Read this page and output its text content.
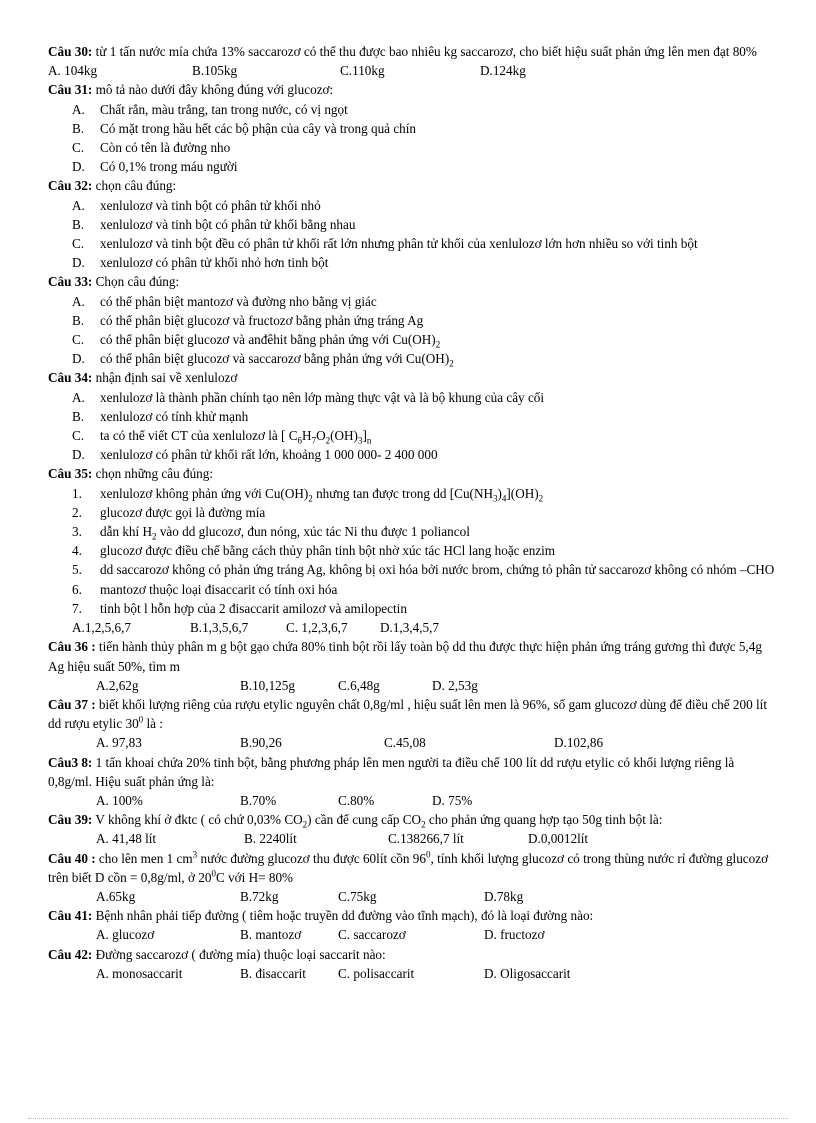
Câu 30: từ 1 tấn nước mía chứa 13% saccarozơ có thể thu được bao nhiêu kg saccarozơ, cho biết hiệu suất phản ứng lên men đạt 80%
A. 104kg	B.105kg	C.110kg	D.124kg
Câu 31: mô tả nào dưới đây không đúng với glucozơ:
A. Chất rắn, màu trắng, tan trong nước, có vị ngọt
B. Có mặt trong hầu hết các bộ phận của cây và trong quả chín
C. Còn có tên là đường nho
D. Có 0,1% trong máu người
Câu 32: chọn câu đúng:
A. xenlulozơ và tinh bột có phân tử khối nhỏ
B. xenlulozơ và tinh bột có phân tử khối bằng nhau
C. xenlulozơ và tinh bột đều có phân tử khối rất lớn nhưng phân tử khối của xenlulozơ lớn hơn nhiều so với tinh bột
D. xenlulozơ có phân tử khối nhỏ hơn tinh bột
Câu 33: Chọn câu đúng:
A. có thể phân biệt mantozơ và đường nho bằng vị giác
B. có thể phân biệt glucozơ và fructozơ bằng phản ứng tráng Ag
C. có thể phân biệt glucozơ và anđêhit bằng phản ứng với $Cu(OH)_2$
D. có thể phân biệt glucozơ và saccarozơ bằng phản ứng với $Cu(OH)_2$
Câu 34: nhận định sai về xenlulozơ
A. xenlulozơ là thành phần chính tạo nên lớp màng thực vật và là bộ khung của cây cối
B. xenlulozơ có tính khử mạnh
C. ta có thể viết CT của xenlulozơ là [ $C_6H_7O_2(OH)_3]_n$
D. xenlulozơ có phân tử khối rất lớn, khoảng 1 000 000- 2 400 000
Câu 35: chọn những câu đúng:
1. xenlulozơ không phản ứng với $Cu(OH)_2$ nhưng tan được trong dd $[Cu(NH_3)_4](OH)_2$
2. glucozơ được gọi là đường mía
3. dẫn khí $H_2$ vào dd glucozơ, đun nóng, xúc tác Ni thu được 1 poliancol
4. glucozơ được điều chế bằng cách thủy phân tinh bột nhờ xúc tác HCl lang hoặc enzim
5. dd saccarozơ không có phản ứng tráng Ag, không bị oxi hóa bởi nước brom, chứng tỏ phân tử saccarozơ không có nhóm –CHO
6. mantozơ thuộc loại đisaccarit có tính oxi hóa
7. tinh bột l hỗn hợp của 2 đisaccarit amilozơ và amilopectin
A.1,2,5,6,7	B.1,3,5,6,7	C. 1,2,3,6,7	D.1,3,4,5,7
Câu 36 : tiến hành thủy phân m g bột gạo chứa 80% tinh bột rồi lấy toàn bộ dd thu được thực hiện phản ứng tráng gương thì được 5,4g Ag hiệu suất 50%, tìm m
A.2,62g	B.10,125g	C.6,48g	D. 2,53g
Câu 37 : biết khối lượng riêng của rượu etylic nguyên chất 0,8g/ml , hiệu suất lên men là 96%, số gam glucozơ dùng để điều chế 200 lít dd rượu etylic $30^0$ là :
A. 97,83	B.90,26	C.45,08	D.102,86
Câu3 8: 1 tấn khoai chứa 20% tinh bột, bằng phương pháp lên men người ta điều chế 100 lít dd rượu etylic có khối lượng riêng là 0,8g/ml. Hiệu suất phản ứng là:
A. 100%	B.70%	C.80%	D. 75%
Câu 39: V không khí ở đktc ( có chứ 0,03% $CO_2$) cần để cung cấp $CO_2$ cho phản ứng quang hợp tạo 50g tinh bột là:
A. 41,48 lít	B. 2240lít	C.138266,7 lít	D.0,0012lít
Câu 40 : cho lên men 1 $cm^3$ nước đường glucozơ thu được 60lít cồn $96^0$, tính khối lượng glucozơ có trong thùng nước rỉ đường glucozơ trên biết D cồn = 0,8g/ml, ở $20^0C$ với H= 80%
A.65kg	B.72kg	C.75kg	D.78kg
Câu 41: Bệnh nhân phải tiếp đường ( tiêm hoặc truyền dd đường vào tĩnh mạch), đó là loại đường nào:
A. glucozơ	B. mantozơ	C. saccarozơ	D. fructozơ
Câu 42: Đường saccarozơ ( đường mía) thuộc loại saccarit nào:
A. monosaccarit	B. đisaccarit	C. polisaccarit	D. Oligosaccarit
